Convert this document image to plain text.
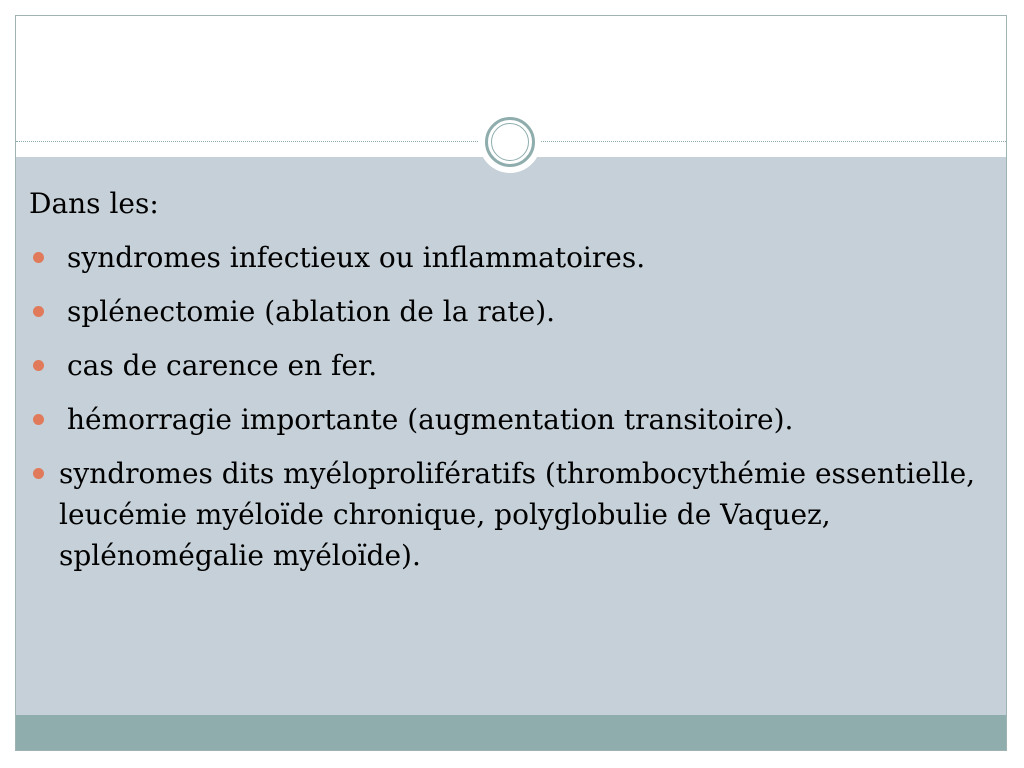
Dans les:

syndromes infectieux ou inflammatoires.
splénectomie (ablation de la rate).
cas de carence en fer.
hémorragie importante (augmentation transitoire).
syndromes dits myéloprolifératifs (thrombocythémie essentielle, leucémie myéloïde chronique, polyglobulie de Vaquez, splénomégalie myéloïde).
